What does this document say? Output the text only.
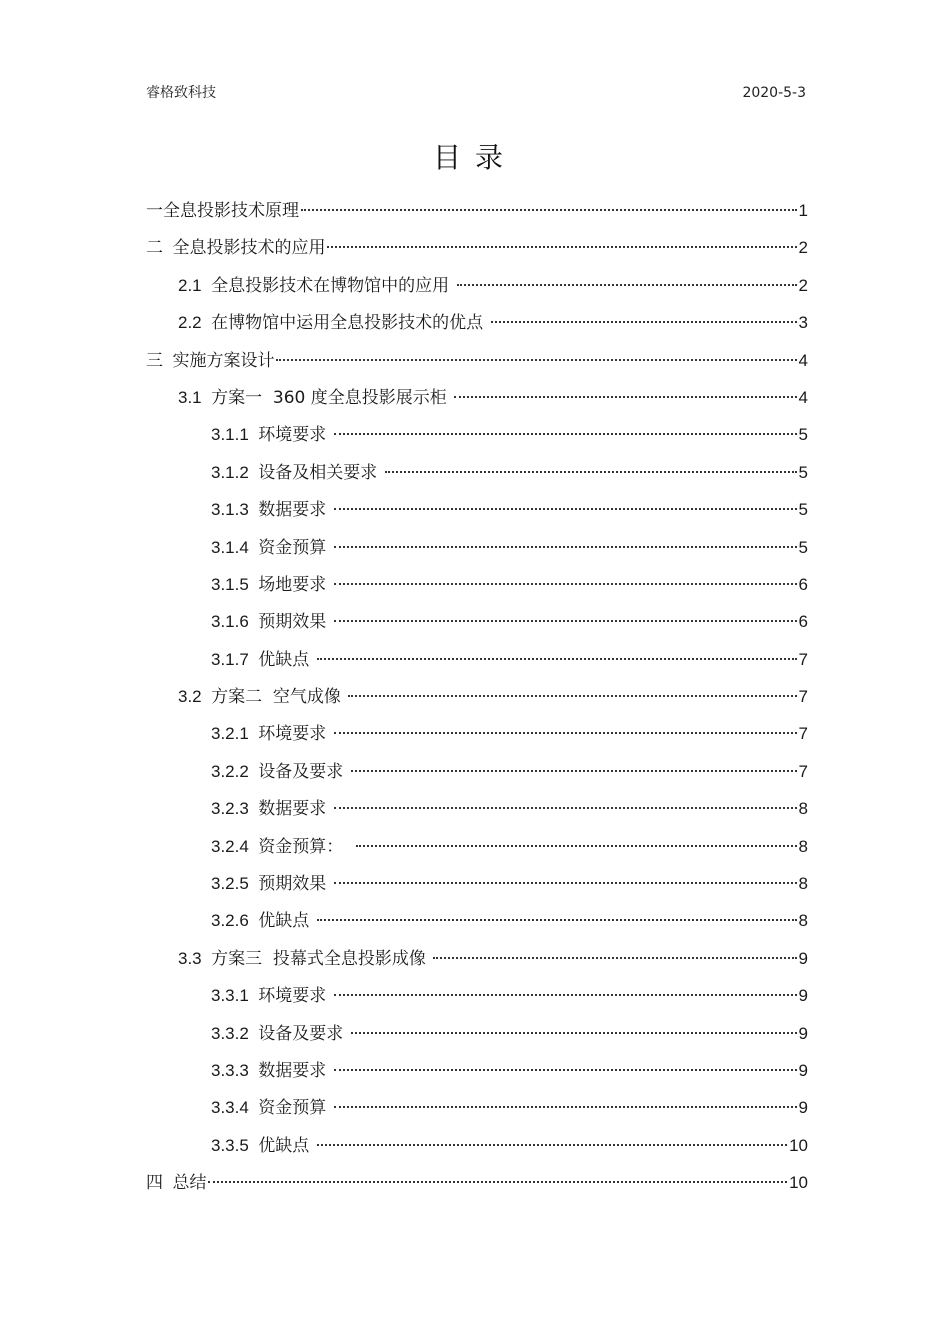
睿格致科技	2020-5-3
目录
一全息投影技术原理	1
二 全息投影技术的应用	2
2.1 全息投影技术在博物馆中的应用	2
2.2 在博物馆中运用全息投影技术的优点	3
三 实施方案设计	4
3.1 方案一  360 度全息投影展示柜	4
3.1.1 环境要求	5
3.1.2 设备及相关要求	5
3.1.3 数据要求	5
3.1.4 资金预算	5
3.1.5 场地要求	6
3.1.6 预期效果	6
3.1.7 优缺点	7
3.2 方案二  空气成像	7
3.2.1 环境要求	7
3.2.2 设备及要求	7
3.2.3 数据要求	8
3.2.4 资金预算：	8
3.2.5 预期效果	8
3.2.6 优缺点	8
3.3 方案三  投幕式全息投影成像	9
3.3.1 环境要求	9
3.3.2 设备及要求	9
3.3.3 数据要求	9
3.3.4 资金预算	9
3.3.5 优缺点	10
四 总结	10
